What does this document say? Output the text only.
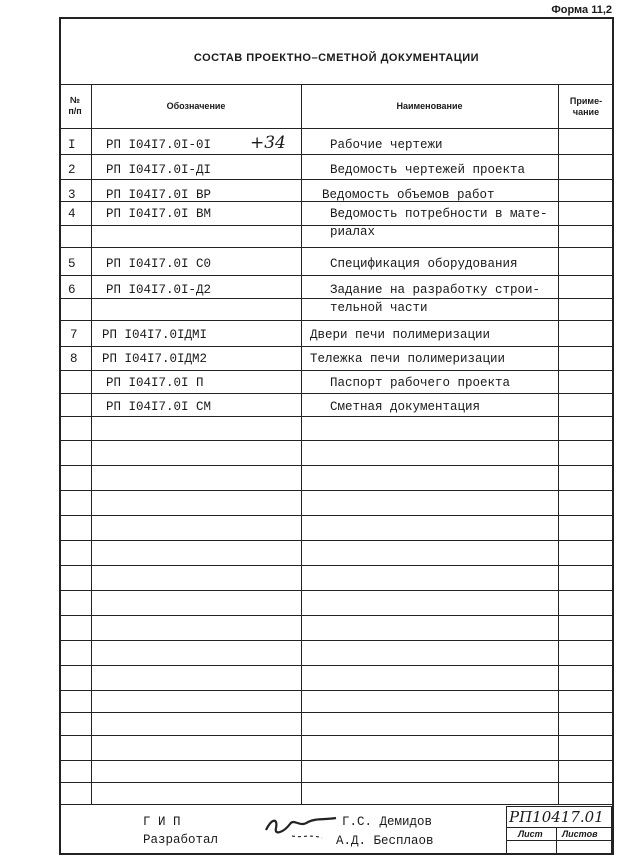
Форма 11,2
СОСТАВ ПРОЕКТНО–СМЕТНОЙ ДОКУМЕНТАЦИИ
№
п/п	Обозначение	Наименование	Приме-
чание
I РП I04I7.0I-0I +34	Рабочие чертежи
2 РП I04I7.0I-ДI	Ведомость чертежей проекта
3 РП I04I7.0I ВР	Ведомость объемов работ
4 РП I04I7.0I ВМ	Ведомость потребности в мате-
риалах
5 РП I04I7.0I С0	Спецификация оборудования
6 РП I04I7.0I-Д2	Задание на разработку строи-
тельной части
7 РП I04I7.0IДМI	Двери печи полимеризации
8 РП I04I7.0IДМ2	Тележка печи полимеризации
РП I04I7.0I П	Паспорт рабочего проекта
РП I04I7.0I СМ	Сметная документация
Г И П	Г.С. Демидов
Разработал	А.Д. Бесплаов
РП10417.01
Лист Листов
